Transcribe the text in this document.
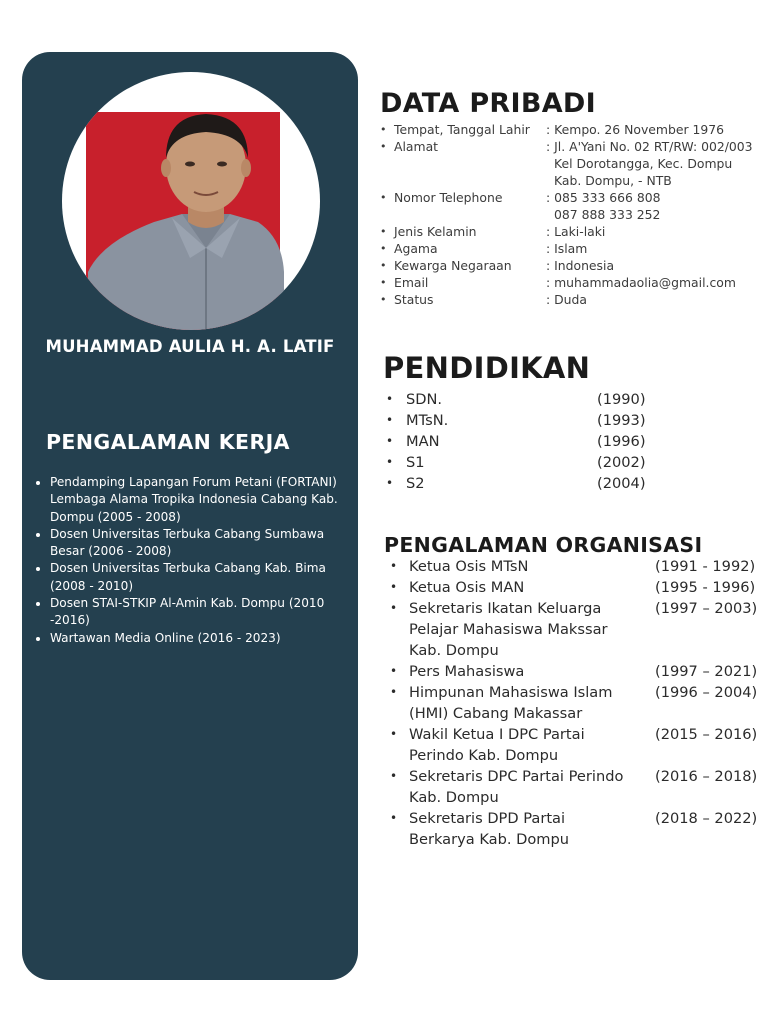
MUHAMMAD AULIA H. A. LATIF
PENGALAMAN KERJA
• Pendamping Lapangan Forum Petani (FORTANI) Lembaga Alama Tropika Indonesia Cabang Kab. Dompu (2005 - 2008)
• Dosen Universitas Terbuka Cabang Sumbawa Besar (2006 - 2008)
• Dosen Universitas Terbuka Cabang Kab. Bima (2008 - 2010)
• Dosen STAI-STKIP Al-Amin Kab. Dompu (2010 -2016)
• Wartawan Media Online (2016 - 2023)
DATA PRIBADI
• Tempat, Tanggal Lahir	: Kempo. 26 November 1976
• Alamat	: Jl. A'Yani No. 02 RT/RW: 002/003
Kel Dorotangga, Kec. Dompu
Kab. Dompu, - NTB
• Nomor Telephone	: 085 333 666 808
087 888 333 252
• Jenis Kelamin	: Laki-laki
• Agama	: Islam
• Kewarga Negaraan	: Indonesia
• Email	: muhammadaolia@gmail.com
• Status	: Duda
PENDIDIKAN
• SDN.	(1990)
• MTsN.	(1993)
• MAN	(1996)
• S1	(2002)
• S2	(2004)
PENGALAMAN ORGANISASI
• Ketua Osis MTsN	(1991 - 1992)
• Ketua Osis MAN	(1995 - 1996)
• Sekretaris Ikatan Keluarga
Pelajar Mahasiswa Makssar
Kab. Dompu
(1997 – 2003)
• Pers Mahasiswa	(1997 – 2021)
• Himpunan Mahasiswa Islam
(HMI) Cabang Makassar
(1996 – 2004)
• Wakil Ketua I DPC Partai
Perindo Kab. Dompu
(2015 – 2016)
• Sekretaris DPC Partai Perindo
Kab. Dompu
(2016 – 2018)
• Sekretaris DPD Partai
Berkarya Kab. Dompu
(2018 – 2022)
